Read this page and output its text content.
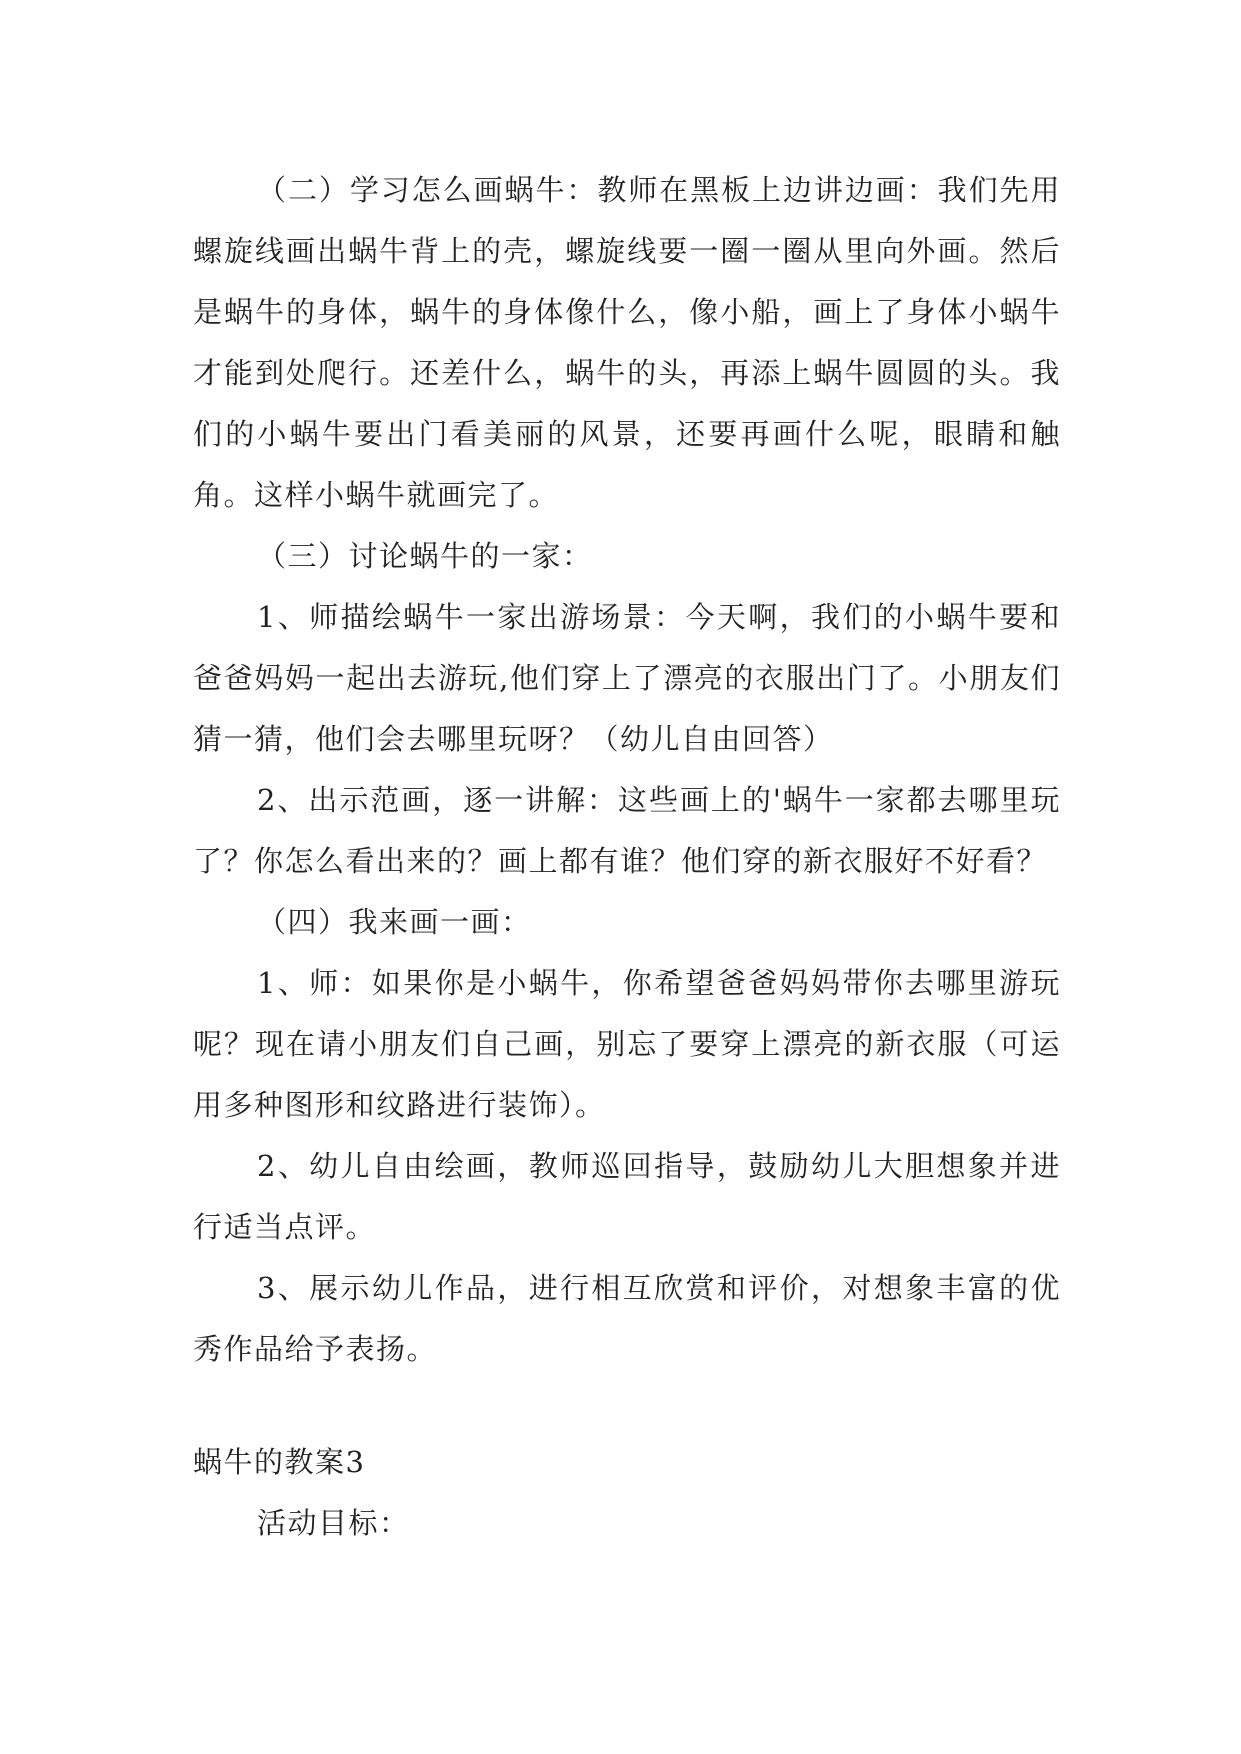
（二）学习怎么画蜗牛：教师在黑板上边讲边画：我们先用螺旋线画出蜗牛背上的壳，螺旋线要一圈一圈从里向外画。然后是蜗牛的身体，蜗牛的身体像什么，像小船，画上了身体小蜗牛才能到处爬行。还差什么，蜗牛的头，再添上蜗牛圆圆的头。我们的小蜗牛要出门看美丽的风景，还要再画什么呢，眼睛和触角。这样小蜗牛就画完了。

（三）讨论蜗牛的一家：

1、师描绘蜗牛一家出游场景：今天啊，我们的小蜗牛要和爸爸妈妈一起出去游玩,他们穿上了漂亮的衣服出门了。小朋友们猜一猜，他们会去哪里玩呀？（幼儿自由回答）

2、出示范画，逐一讲解：这些画上的'蜗牛一家都去哪里玩了？你怎么看出来的？画上都有谁？他们穿的新衣服好不好看？

（四）我来画一画：

1、师：如果你是小蜗牛，你希望爸爸妈妈带你去哪里游玩呢？现在请小朋友们自己画，别忘了要穿上漂亮的新衣服（可运用多种图形和纹路进行装饰）。

2、幼儿自由绘画，教师巡回指导，鼓励幼儿大胆想象并进行适当点评。

3、展示幼儿作品，进行相互欣赏和评价，对想象丰富的优秀作品给予表扬。

蜗牛的教案3

活动目标：
